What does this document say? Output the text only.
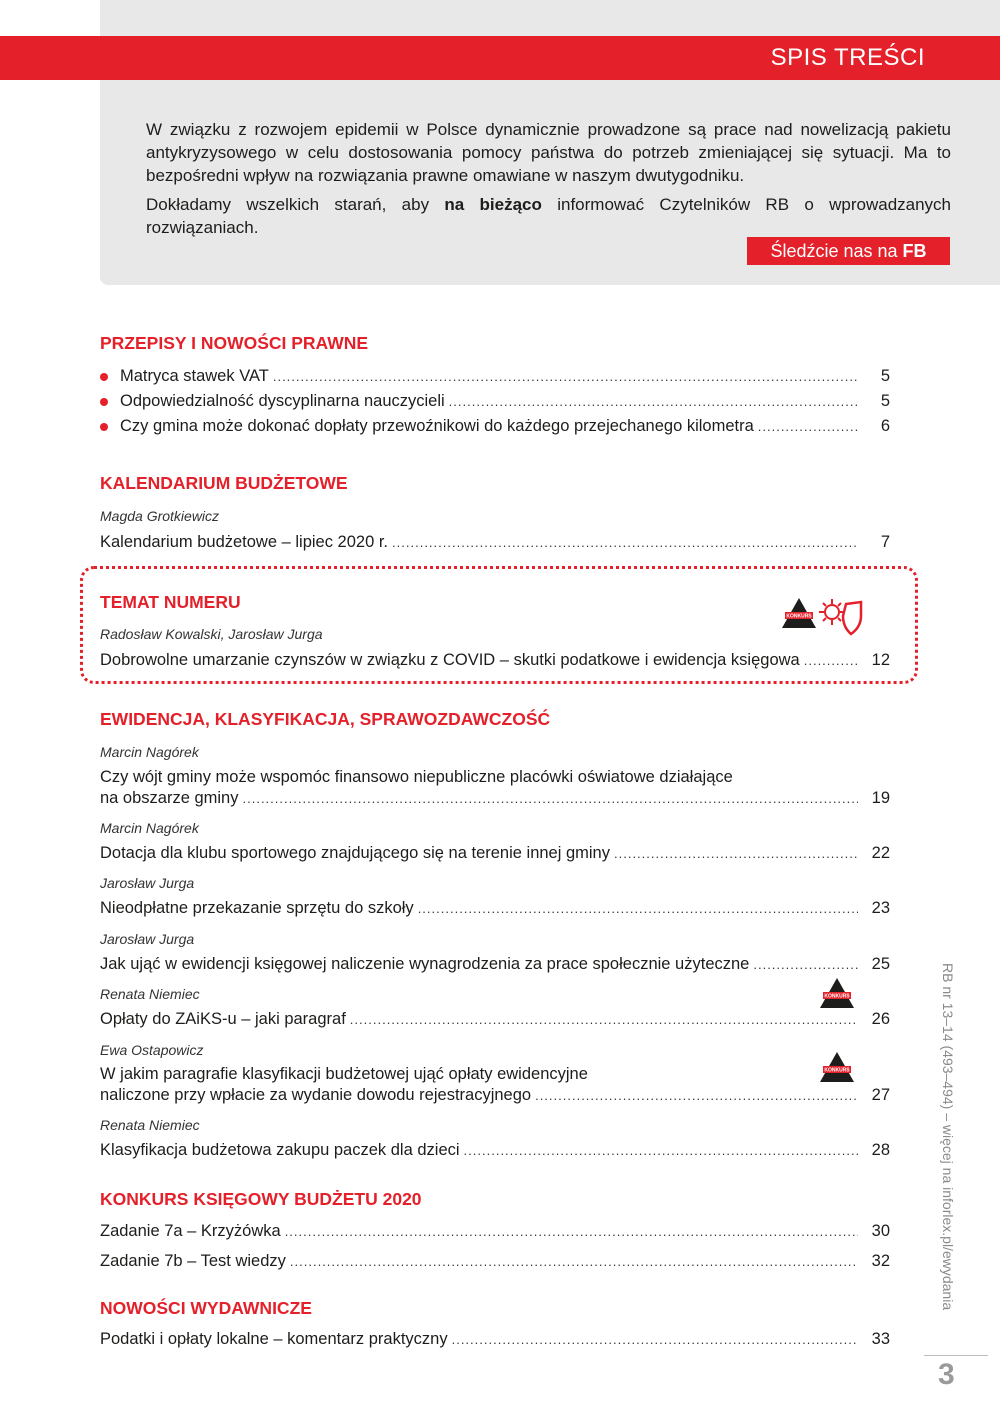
SPIS TREŚCI

W związku z rozwojem epidemii w Polsce dynamicznie prowadzone są prace nad nowelizacją pakietu antykryzysowego w celu dostosowania pomocy państwa do potrzeb zmieniającej się sytuacji. Ma to bezpośredni wpływ na rozwiązania prawne omawiane w naszym dwutygodniku.

Dokładamy wszelkich starań, aby na bieżąco informować Czytelników RB o wprowadzanych rozwiązaniach.

Śledźcie nas na FB
PRZEPISY I NOWOŚCI PRAWNE
Matryca stawek VAT .....	5
Odpowiedzialność dyscyplinarna nauczycieli .....	5
Czy gmina może dokonać dopłaty przewoźnikowi do każdego przejechanego kilometra .....	6
KALENDARIUM BUDŻETOWE
Magda Grotkiewicz
Kalendarium budżetowe – lipiec 2020 r. .....	7
TEMAT NUMERU
KONKURS
Radosław Kowalski, Jarosław Jurga
Dobrowolne umarzanie czynszów w związku z COVID – skutki podatkowe i ewidencja księgowa .....	12
EWIDENCJA, KLASYFIKACJA, SPRAWOZDAWCZOŚĆ
Marcin Nagórek
Czy wójt gminy może wspomóc finansowo niepubliczne placówki oświatowe działające
na obszarze gminy .....	19
Marcin Nagórek
Dotacja dla klubu sportowego znajdującego się na terenie innej gminy .....	22
Jarosław Jurga
Nieodpłatne przekazanie sprzętu do szkoły .....	23
Jarosław Jurga
Jak ująć w ewidencji księgowej naliczenie wynagrodzenia za prace społecznie użyteczne .....	25
Renata Niemiec	KONKURS
Opłaty do ZAiKS-u – jaki paragraf .....	26
Ewa Ostapowicz
KONKURS
W jakim paragrafie klasyfikacji budżetowej ująć opłaty ewidencyjne
naliczone przy wpłacie za wydanie dowodu rejestracyjnego .....	27
Renata Niemiec
Klasyfikacja budżetowa zakupu paczek dla dzieci .....	28
KONKURS KSIĘGOWY BUDŻETU 2020
Zadanie 7a – Krzyżówka .....	30
Zadanie 7b – Test wiedzy .....	32
NOWOŚCI WYDAWNICZE
Podatki i opłaty lokalne – komentarz praktyczny .....	33
RB nr 13–14 (493–494) – więcej na inforlex.pl/ewydania
3
